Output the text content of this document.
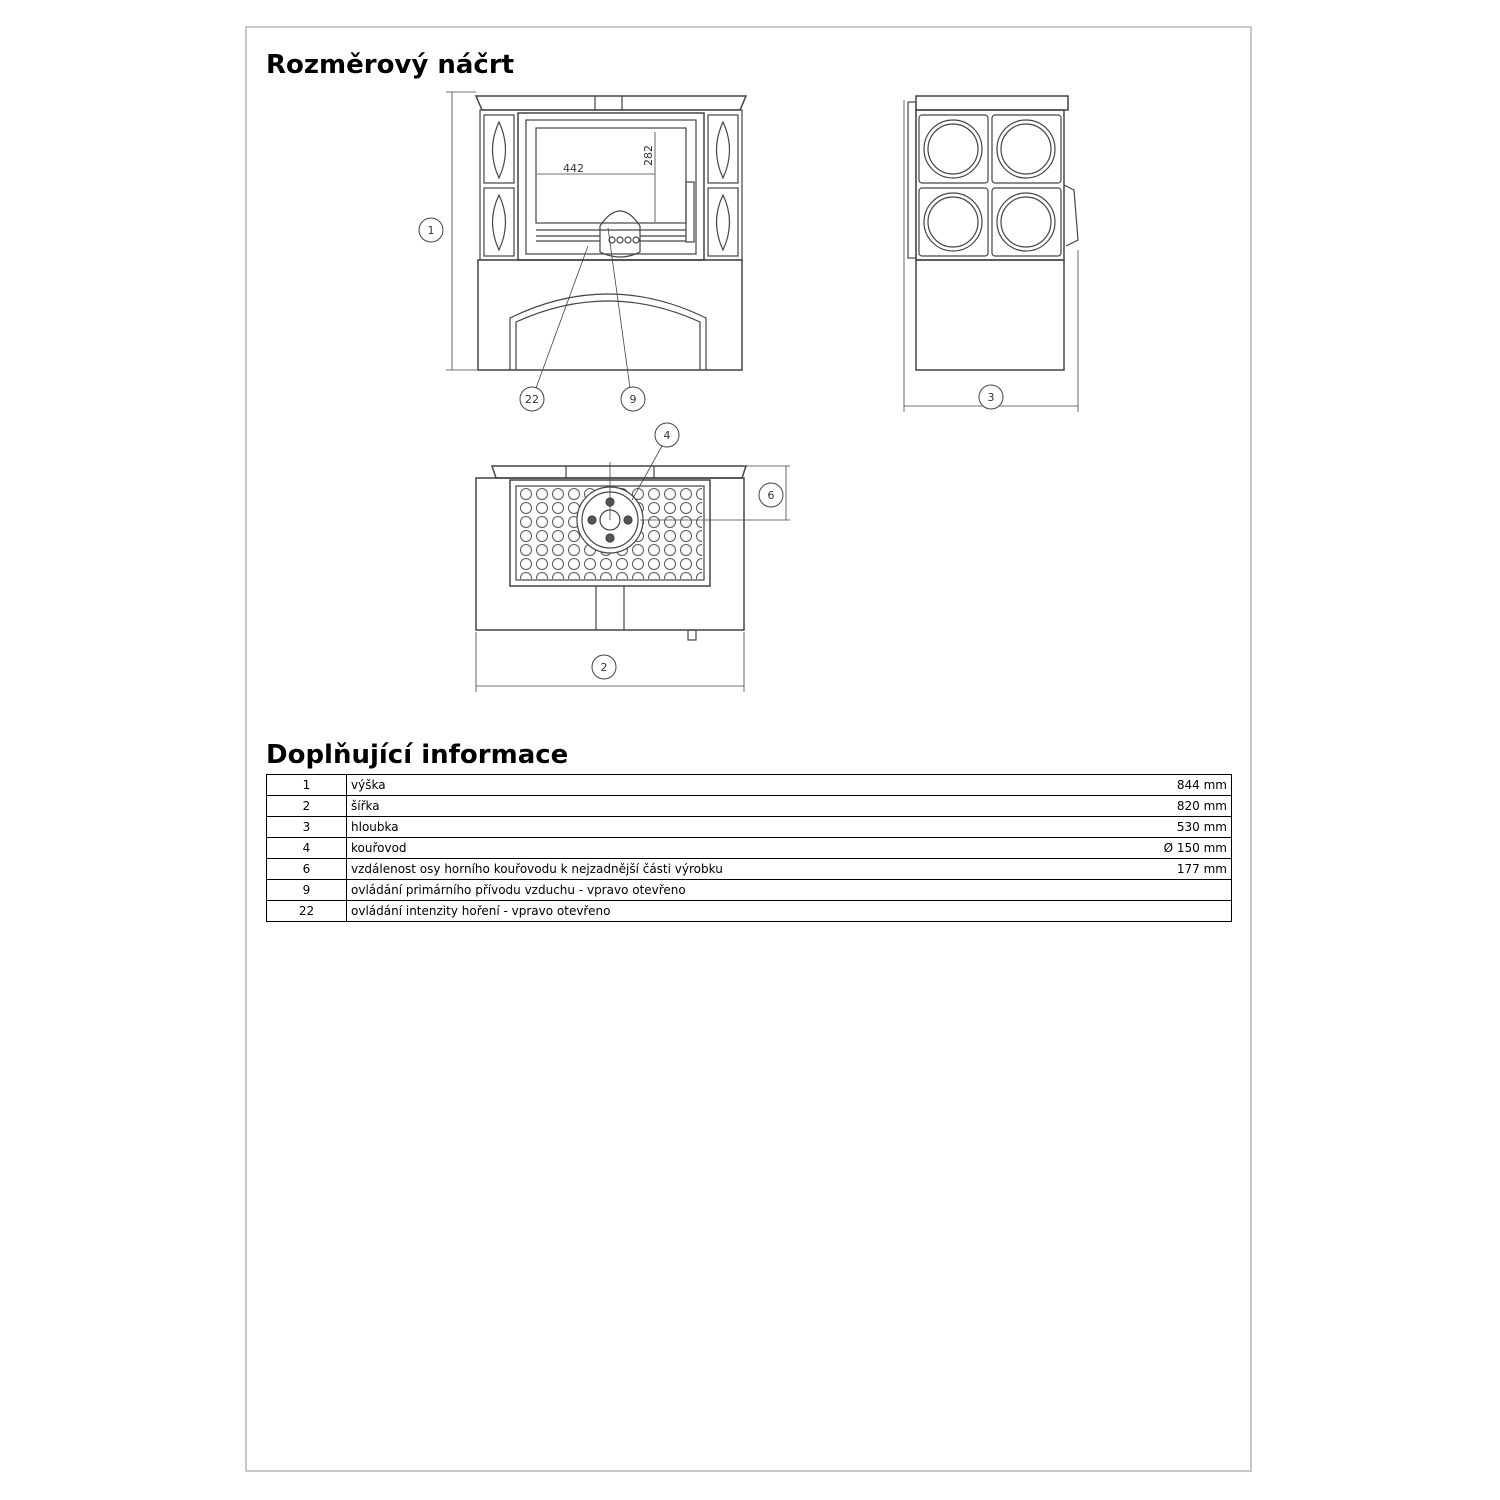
Rozměrový náčrt
442
282
1
22	9	3
4
6
2
Doplňující informace
1	výška	844 mm
2	šířka	820 mm
3	hloubka	530 mm
4	kouřovod	Ø 150 mm
6	vzdálenost osy horního kouřovodu k nejzadnější části výrobku	177 mm
9	ovládání primárního přívodu vzduchu - vpravo otevřeno	
22	ovládání intenzity hoření - vpravo otevřeno	
